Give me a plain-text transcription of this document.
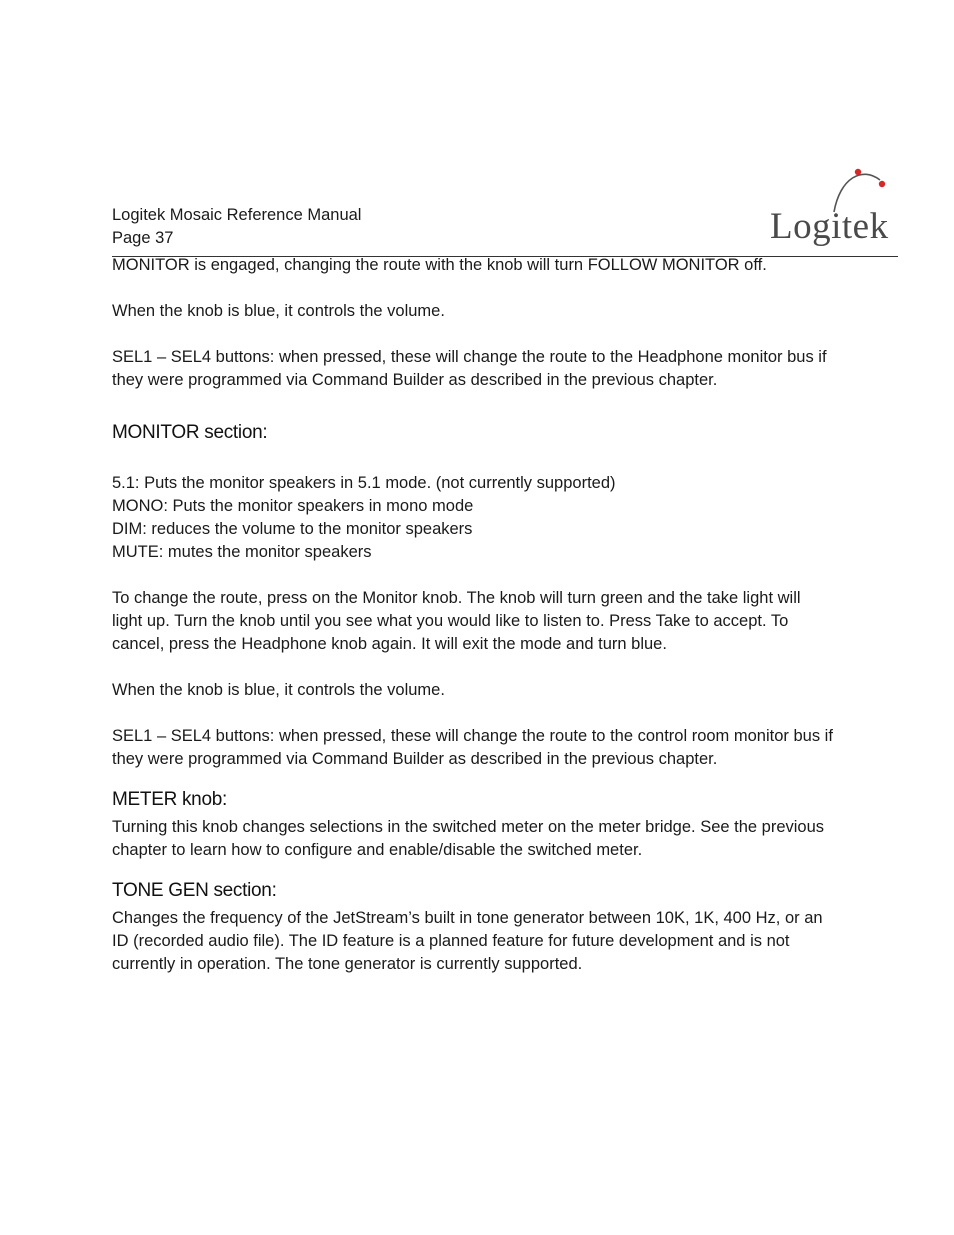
Logitek Mosaic Reference Manual

Page 37	Logitek

MONITOR is engaged, changing the route with the knob will turn FOLLOW MONITOR off.

When the knob is blue, it controls the volume.

SEL1 – SEL4 buttons: when pressed, these will change the route to the Headphone monitor bus if

they were programmed via Command Builder as described in the previous chapter.

MONITOR section:

5.1: Puts the monitor speakers in 5.1 mode. (not currently supported)

MONO: Puts the monitor speakers in mono mode

DIM: reduces the volume to the monitor speakers

MUTE: mutes the monitor speakers

To change the route, press on the Monitor knob. The knob will turn green and the take light will

light up. Turn the knob until you see what you would like to listen to. Press Take to accept. To

cancel, press the Headphone knob again. It will exit the mode and turn blue.

When the knob is blue, it controls the volume.

SEL1 – SEL4 buttons: when pressed, these will change the route to the control room monitor bus if

they were programmed via Command Builder as described in the previous chapter.

METER knob:

Turning this knob changes selections in the switched meter on the meter bridge. See the previous

chapter to learn how to configure and enable/disable the switched meter.

TONE GEN section:

Changes the frequency of the JetStream’s built in tone generator between 10K, 1K, 400 Hz, or an

ID (recorded audio file). The ID feature is a planned feature for future development and is not

currently in operation. The tone generator is currently supported.
